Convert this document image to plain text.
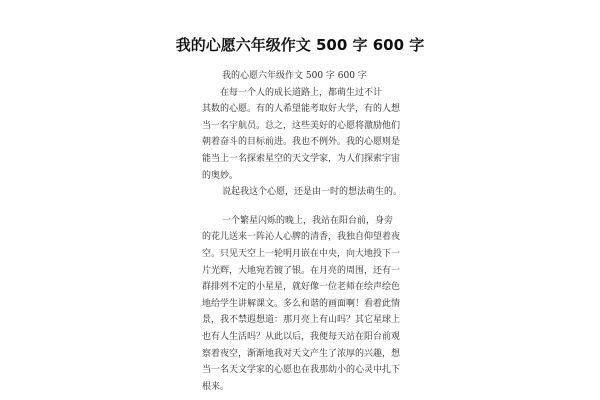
我的心愿六年级作文 500 字 600 字
我的心愿六年级作文 500 字 600 字
　　在每一个人的成长道路上，都萌生过不计
其数的心愿。有的人希望能考取好大学，有的人想
当一名宇航员。总之，这些美好的心愿将激励他们
朝着奋斗的目标前进。我也不例外。我的心愿则是
能当上一名探索星空的天文学家，为人们探索宇宙
的奥妙。
说起我这个心愿，还是由一时的想法萌生的。
一个繁星闪烁的晚上，我站在阳台前，身旁
的花儿送来一阵沁人心脾的清香，我独自仰望着夜
空。只见天空上一轮明月嵌在中央，向大地投下一
片光辉，大地宛若镀了银。在月亮的周围，还有一
群排列不定的小星星，就好像一位老师在绘声绘色
地给学生讲解课文。多么和谐的画面啊！看着此情
景，我不禁遐想道：那月亮上有山吗？其它星球上
也有人生活吗？从此以后，我便每天站在阳台前观
察着夜空，渐渐地我对天文产生了浓厚的兴趣，想
当一名天文学家的心愿也在我那幼小的心灵中扎下
根来。
